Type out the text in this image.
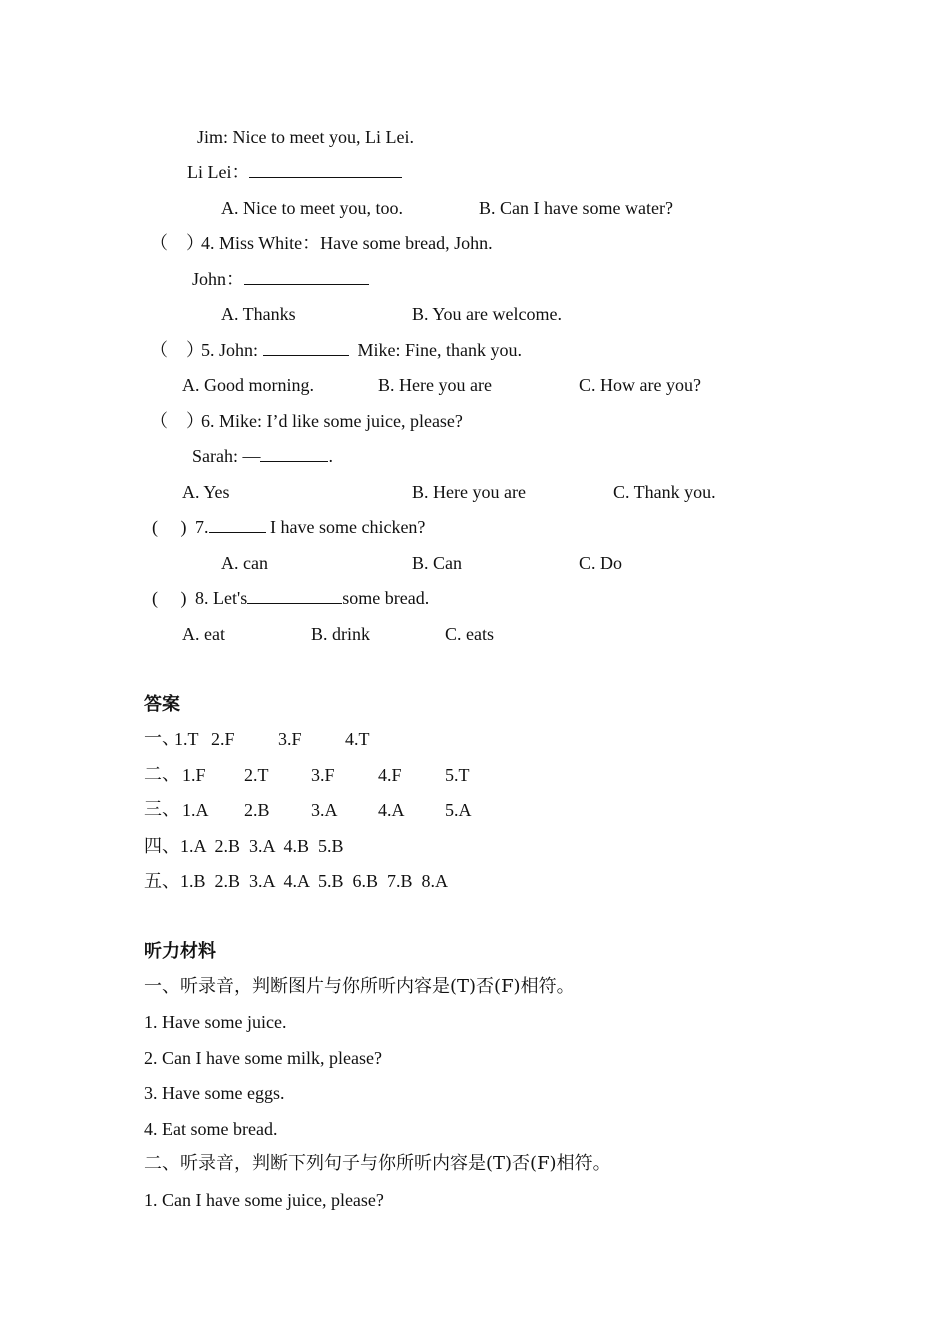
Jim: Nice to meet you, Li Lei.
Li Lei：
A. Nice to meet you, too.	B. Can I have some water?
（　）
4. Miss White：Have some bread, John.
John：
A. Thanks	B. You are welcome.
（　）
5. John:	Mike: Fine, thank you.
A. Good morning.	B. Here you are	C. How are you?
（　）
6. Mike: I’d like some juice, please?
Sarah: —	.
A. Yes	B. Here you are	C. Thank you.
(     ) 7.	I have some chicken?
A. can	B. Can	C. Do
(     ) 8. Let's	some bread.
A. eat	B. drink	C. eats
答案
一、
1.T 2.F 3.F 4.T
二、 1.F 2.T 3.F 4.F 5.T
三、 1.A 2.B 3.A 4.A 5.A
四、1.A  2.B  3.A  4.B  5.B
五、1.B  2.B  3.A  4.A  5.B  6.B  7.B  8.A
听力材料
一、听录音，判断图片与你所听内容是(T)否(F)相符。
1. Have some juice.
2. Can I have some milk, please?
3. Have some eggs.
4. Eat some bread.
二、听录音，判断下列句子与你所听内容是(T)否(F)相符。
1. Can I have some juice, please?
